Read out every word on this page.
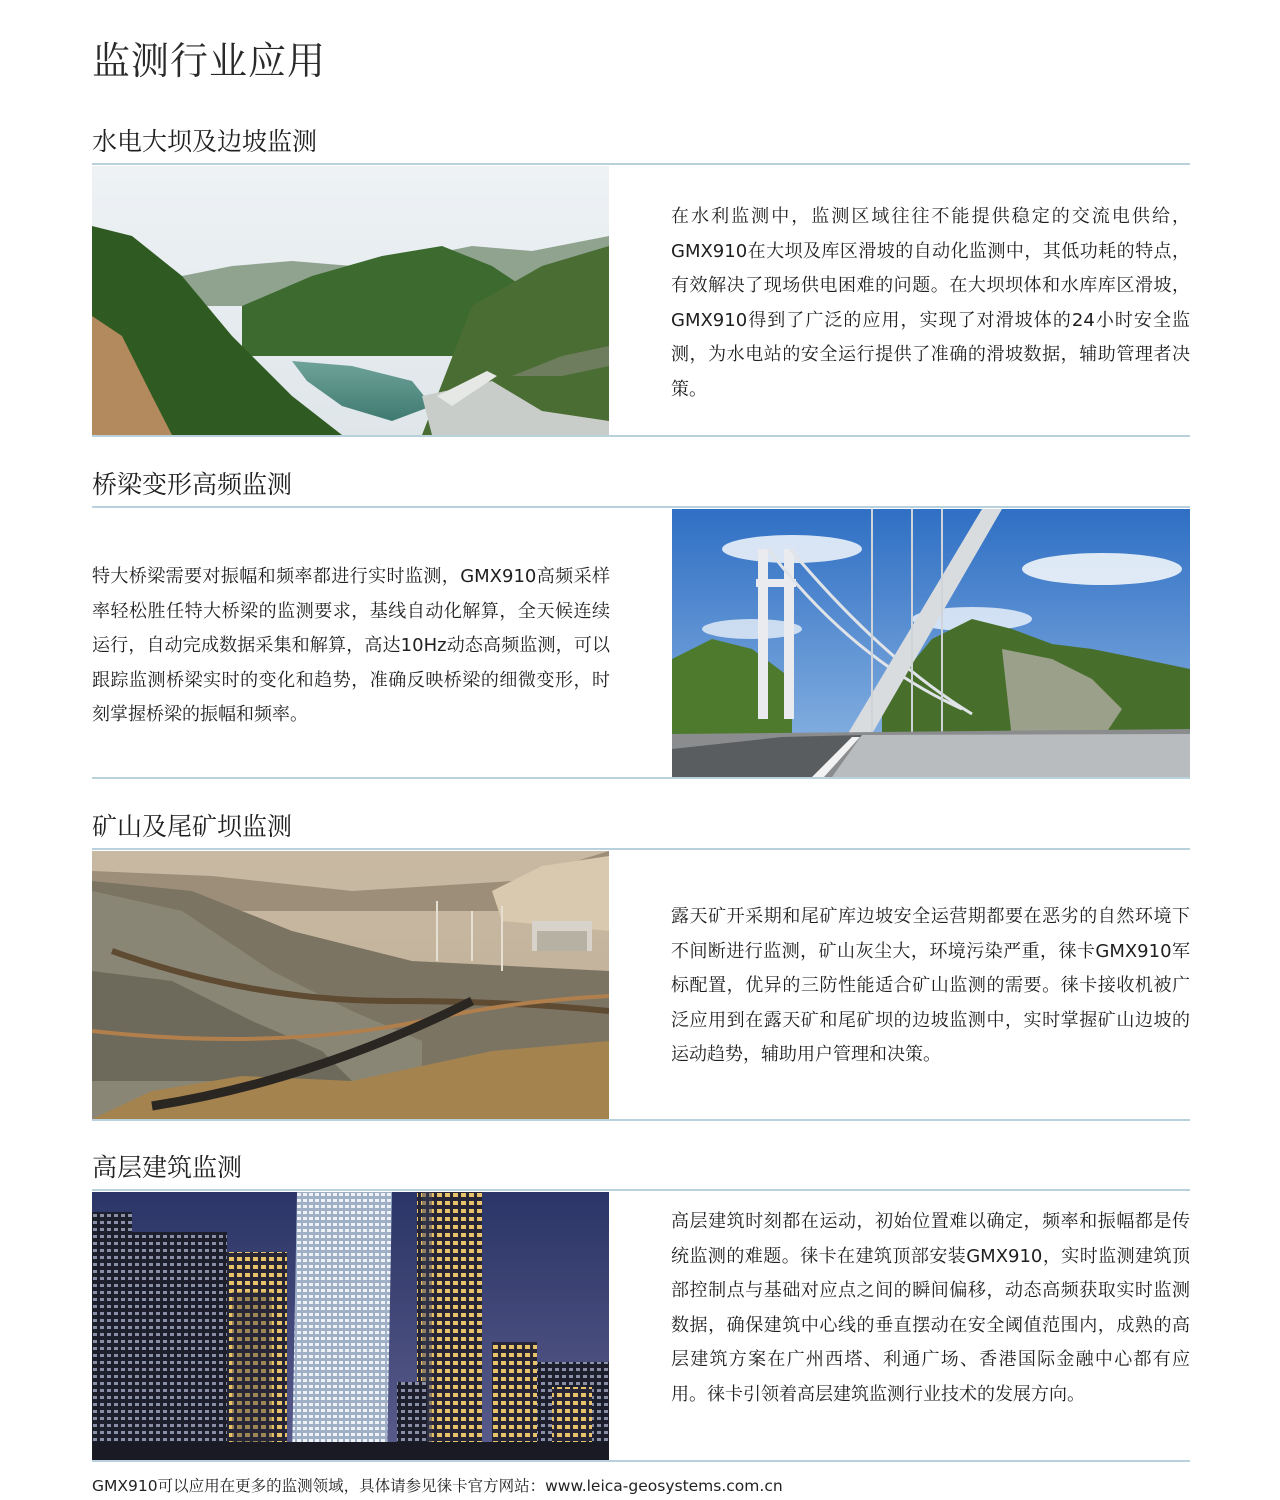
监测行业应用
水电大坝及边坡监测

在水利监测中，监测区域往往不能提供稳定的交流电供给，GMX910在大坝及库区滑坡的自动化监测中，其低功耗的特点，有效解决了现场供电困难的问题。在大坝坝体和水库库区滑坡，GMX910得到了广泛的应用，实现了对滑坡体的24小时安全监测，为水电站的安全运行提供了准确的滑坡数据，辅助管理者决策。

桥梁变形高频监测

特大桥梁需要对振幅和频率都进行实时监测，GMX910高频采样率轻松胜任特大桥梁的监测要求，基线自动化解算，全天候连续运行，自动完成数据采集和解算，高达10Hz动态高频监测，可以跟踪监测桥梁实时的变化和趋势，准确反映桥梁的细微变形，时刻掌握桥梁的振幅和频率。

矿山及尾矿坝监测

露天矿开采期和尾矿库边坡安全运营期都要在恶劣的自然环境下不间断进行监测，矿山灰尘大，环境污染严重，徕卡GMX910军标配置，优异的三防性能适合矿山监测的需要。徕卡接收机被广泛应用到在露天矿和尾矿坝的边坡监测中，实时掌握矿山边坡的运动趋势，辅助用户管理和决策。

高层建筑监测

高层建筑时刻都在运动，初始位置难以确定，频率和振幅都是传统监测的难题。徕卡在建筑顶部安装GMX910，实时监测建筑顶部控制点与基础对应点之间的瞬间偏移，动态高频获取实时监测数据，确保建筑中心线的垂直摆动在安全阈值范围内，成熟的高层建筑方案在广州西塔、利通广场、香港国际金融中心都有应用。徕卡引领着高层建筑监测行业技术的发展方向。

GMX910可以应用在更多的监测领域，具体请参见徕卡官方网站：www.leica-geosystems.com.cn
